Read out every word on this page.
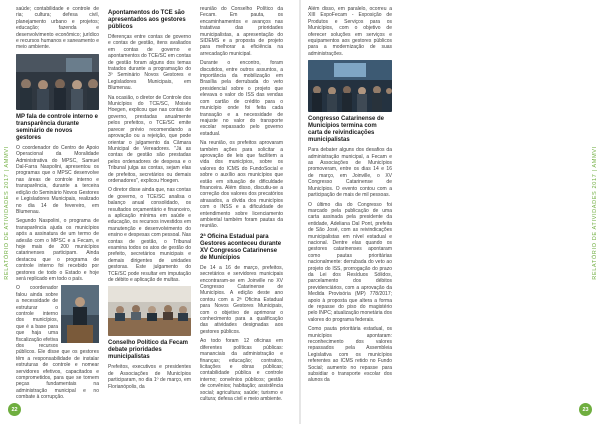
RELATÓRIO DE ATIVIDADES 2017 | AMMVI

saúde; contabilidade e controle de ria; cultura; defesa civil, planejamento urbano e projetos; educação; fazenda e desenvolvimento econômico; jurídico e recursos humanos e saneamento e meio ambiente.

MP fala de controle interno e transparência durante seminário de novos gestores

O coordenador do Centro de Apoio Operacional da Moralidade Administrativa do MPSC, Samuel Dal-Farra Naspolini, apresentou os programas que o MPSC desenvolve nas áreas de controle interno e transparência, durante a terceira edição do Seminário Novos Gestores e Legisladores Municipais, realizado no dia 14 de fevereiro, em Blumenau.

Segundo Naspolini, o programa de transparência ajuda os municípios após a assinatura de um termo de adesão com o MPSC e a Fecam, e hoje mais de 200 municípios catarinenses participam. Ainda destacou que o programa de controle interno foi recebido por gestores de todo o Estado e hoje será replicado em todo o país.

O coordenador falou ainda sobre a necessidade de estruturar o controle interno dos municípios, que é a base para que haja uma fiscalização efetiva dos recursos públicos. Ele disse que os gestores têm a responsabilidade de instalar estruturas de controle e nomear servidores efetivos, capacitados e comprometidos, para que se tornem peças fundamentais na administração municipal e no combate à corrupção.

Apontamentos do TCE são apresentados aos gestores públicos

Diferenças entre contas de governo e contas de gestão, itens avaliados em contas de governo e apontamentos do TCE/SC em contas de gestão foram alguns dos temas tratados durante a programação do 3º Seminário Novos Gestores e Legisladores Municipais, em Blumenau.

Na ocasião, o diretor de Controle dos Municípios do TCE/SC, Moisés Hoegen, explicou que nas contas de governo, prestadas anualmente pelos prefeitos, o TCE/SC emite parecer prévio recomendando a aprovação ou a rejeição, que pode orientar o julgamento da Câmara Municipal de Vereadores. "Já as contas de gestão são prestadas pelos ordenadores de despesa e o Tribunal julga as contas, sejam elas de prefeitos, secretários ou demais ordenadores", explicou Hoegen.

O diretor disse ainda que, nas contas de governo, o TCE/SC analisa o balanço anual consolidado, os resultados orçamentário e financeiro, a aplicação mínima em saúde e educação, os recursos investidos em manutenção e desenvolvimento do ensino e despesas com pessoal. Nas contas de gestão, o Tribunal examina todos os atos de gestão do prefeito, secretários municipais e demais dirigentes de unidades gestoras. Este julgamento do TCE/SC pode resultar em imputação de débito e aplicação de multas.

Conselho Político da Fecam debate prioridades municipalistas

Prefeitos, executivos e presidentes de Associações de Municípios participaram, no dia 1º de março, em Florianópolis, da

reunião do Conselho Político da Fecam. Em pauta, os encaminhamentos e avanços nas tratativas das prioridades municipalistas, a apresentação do SIDEMS e a proposta de projeto para melhorar a eficiência na arrecadação municipal.

Durante o encontro, foram discutidos, entre outros assuntos, a importância da mobilização em Brasília pela derrubada do veto presidencial sobre o projeto que elevava o valor do ISS das vendas com cartão de crédito para o município onde foi feita cada transação e a necessidade de reajuste no valor do transporte escolar repassado pelo governo estadual.

Na reunião, os prefeitos aprovaram também ações para solicitar a aprovação de leis que facilitem a vida dos municípios, sobre os valores do ICMS do FundoSocial e sobre o auxílio aos municípios que estão em situação de dificuldade financeira. Além disso, discutiu-se a correção dos valores dos precatórios atrasados, a dívida dos municípios com o INSS e a dificuldade de entendimento sobre licenciamento ambiental também foram pautas da reunião.

2ª Oficina Estadual para Gestores aconteceu durante XV Congresso Catarinense de Municípios

De 14 a 16 de março, prefeitos, secretários e servidores municipais encontraram-se em Joinville no XV Congresso Catarinense de Municípios. A edição deste ano contou com a 2ª Oficina Estadual para Novos Gestores Municipais, com o objetivo de aprimorar o conhecimento para a qualificação das atividades designadas aos gestores públicos.

Ao todo foram 12 oficinas em diferentes políticas públicas: mananciais da administração e finanças; educação; contratos, licitações e obras públicas; contabilidade pública e controle interno; convênios públicos; gestão de convênios; habitação; assistência social; agricultura; saúde; turismo e cultura; defesa civil e meio ambiente.

22

Além disso, em paralelo, ocorreu a XIII ExpoFecam - Exposição de Produtos e Serviços para os Municípios, com o objetivo de oferecer soluções em serviços e equipamentos aos gestores públicos para a modernização de suas administrações.

Congresso Catarinense de Municípios termina com carta de reivindicações municipalistas

Para debater alguns dos desafios da administração municipal, a Fecam e as Associações de Municípios promoveram, entre os dias 14 e 16 de março, em Joinville, o XV Congresso Catarinense de Municípios. O evento contou com a participação de mais de mil pessoas.

O último dia do Congresso foi marcado pela publicação de uma carta assinada pela presidente da entidade, Adeliana Dal Pont, prefeita de São José, com as reivindicações municipalistas em nível estadual e nacional. Dentre elas quando os gestores catarinenses apontaram como pautas prioritárias nacionalmente: derrubada do veto ao projeto do ISS, prorrogação do prazo da Lei dos Resíduos Sólidos, parcelamento dos débitos previdenciários, com a aprovação da Medida Provisória (MP) 778/2017; apoio à proposta que altera a forma de repasse do piso do magistério pelo INPC; atualização monetária dos valores do programa federais.

Como pauta prioritária estadual, os municípios apontaram: reconhecimento dos valores repassados pela Assembleia Legislativa com os municípios referentes ao ICMS retido no Fundo Social; aumento no repasse para subsidiar o transporte escolar dos alunos da

RELATÓRIO DE ATIVIDADES 2017 | AMMVI
23
